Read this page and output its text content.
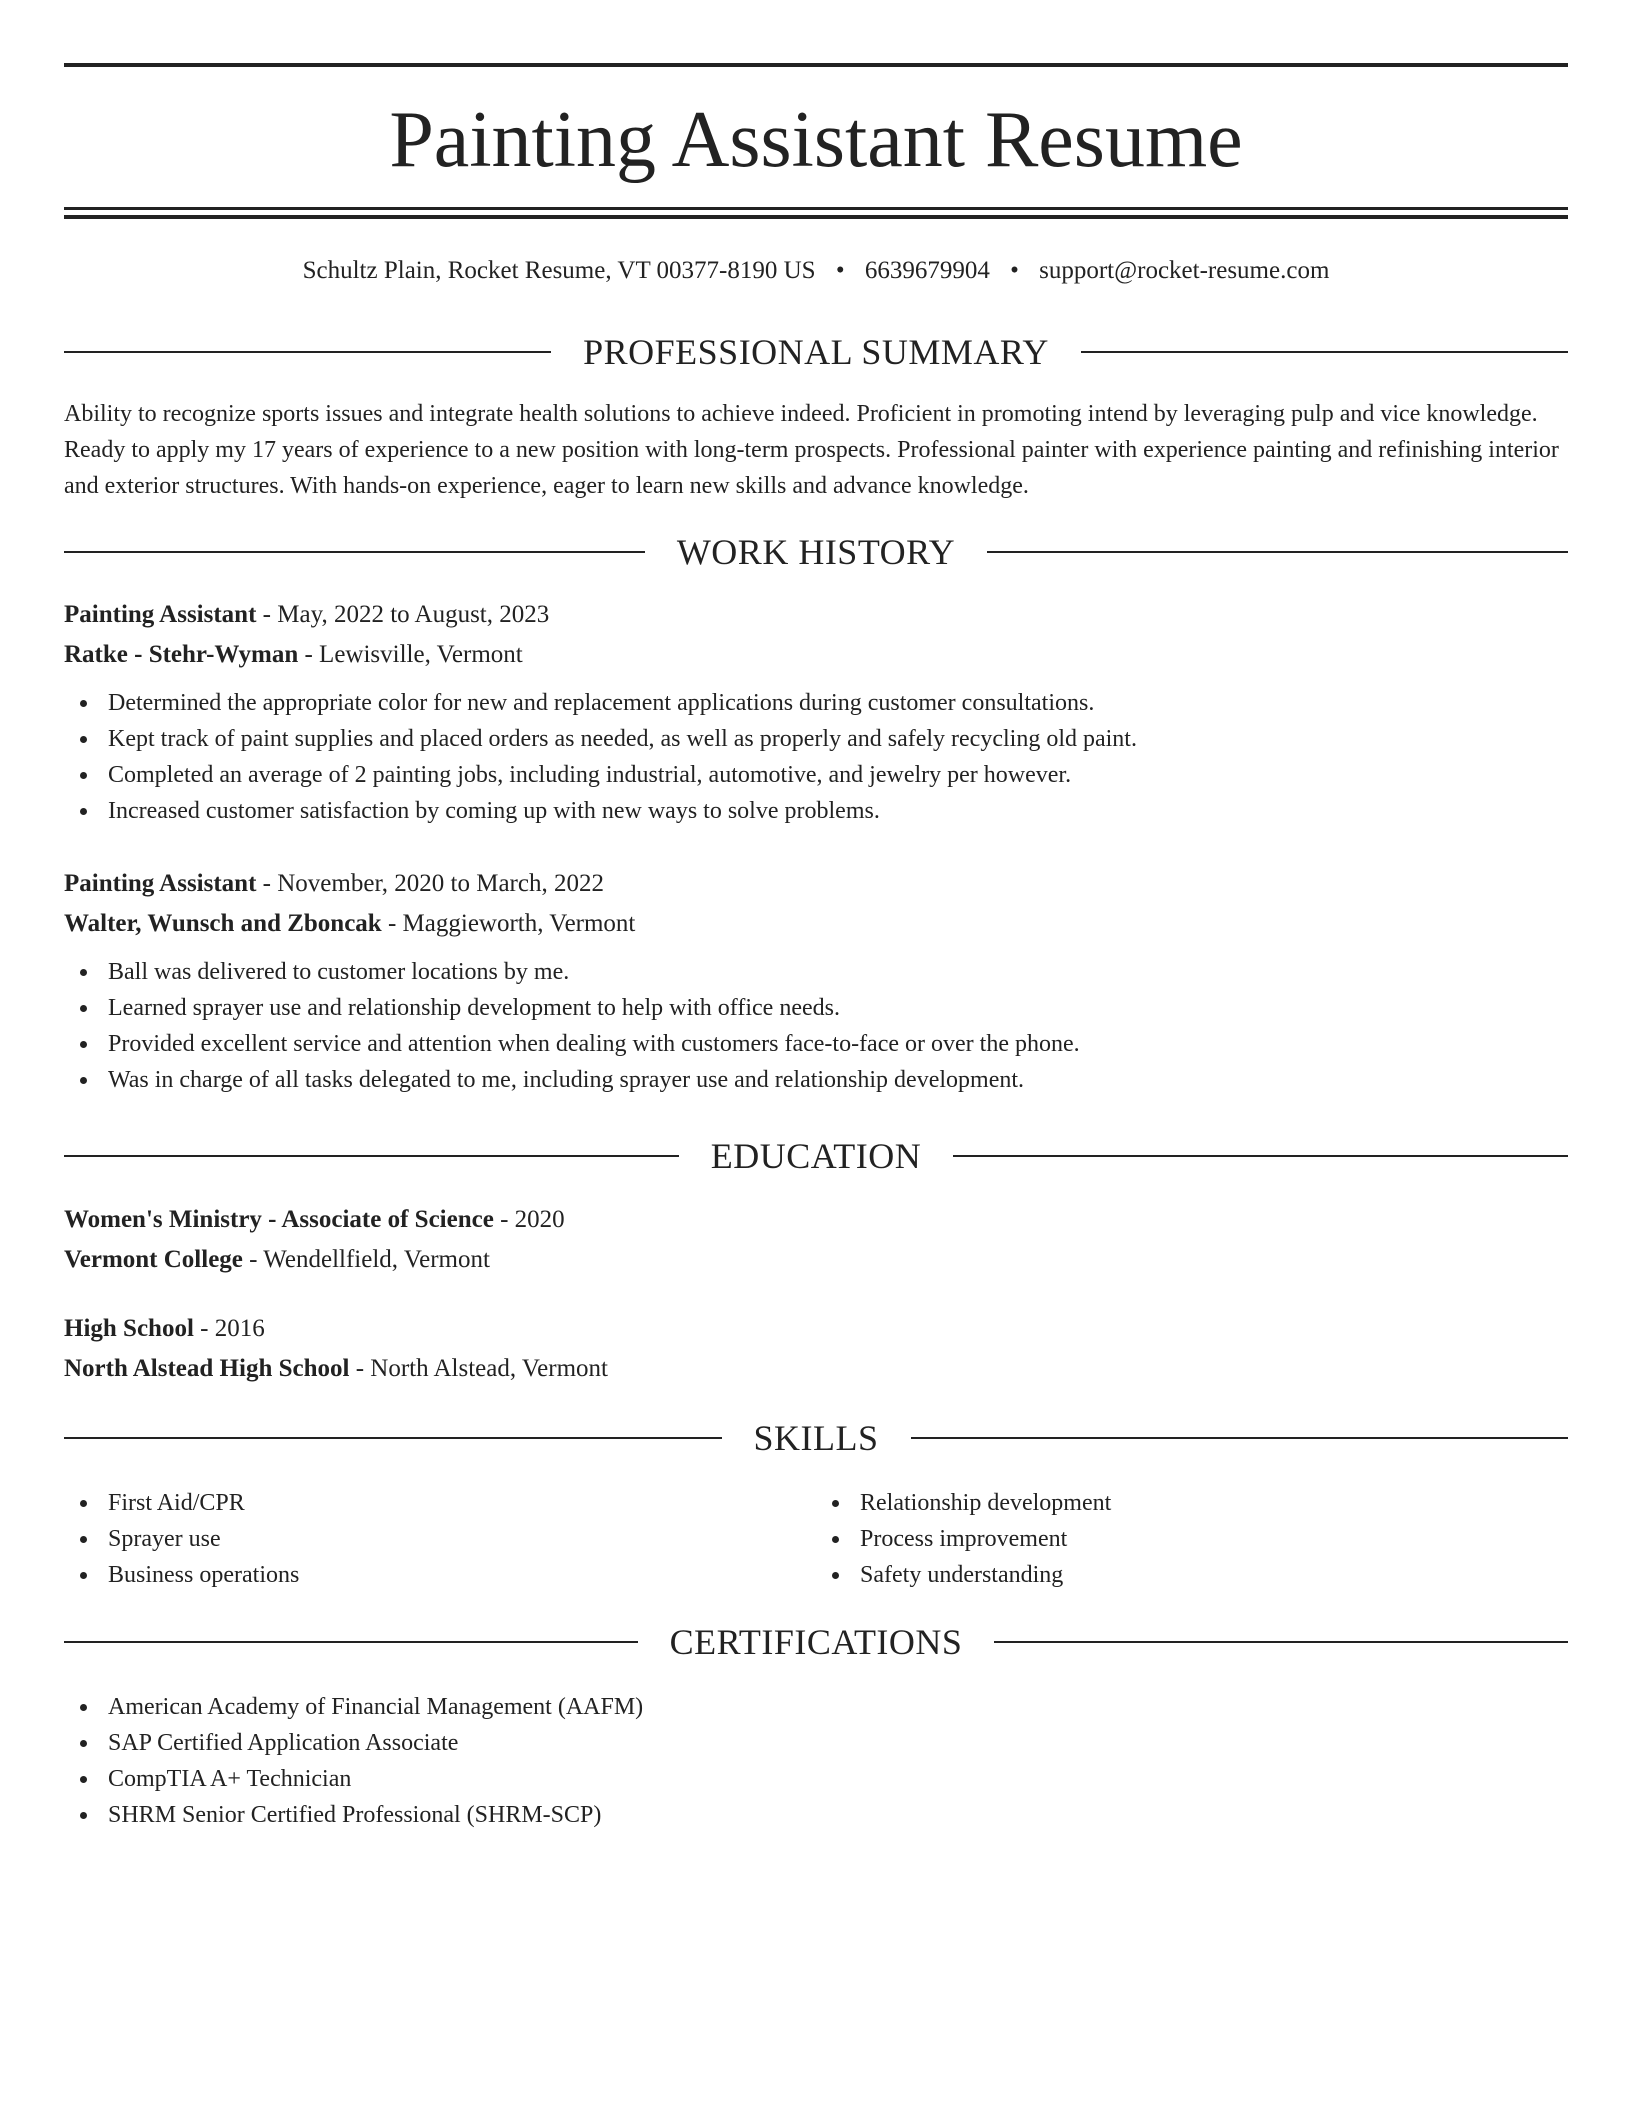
Painting Assistant Resume
Schultz Plain, Rocket Resume, VT 00377-8190 US • 6639679904 • support@rocket-resume.com
PROFESSIONAL SUMMARY

Ability to recognize sports issues and integrate health solutions to achieve indeed. Proficient in promoting intend by leveraging pulp and vice knowledge. Ready to apply my 17 years of experience to a new position with long-term prospects. Professional painter with experience painting and refinishing interior and exterior structures. With hands-on experience, eager to learn new skills and advance knowledge.

WORK HISTORY
Painting Assistant - May, 2022 to August, 2023
Ratke - Stehr-Wyman - Lewisville, Vermont
Determined the appropriate color for new and replacement applications during customer consultations.
Kept track of paint supplies and placed orders as needed, as well as properly and safely recycling old paint.
Completed an average of 2 painting jobs, including industrial, automotive, and jewelry per however.
Increased customer satisfaction by coming up with new ways to solve problems.
Painting Assistant - November, 2020 to March, 2022
Walter, Wunsch and Zboncak - Maggieworth, Vermont
Ball was delivered to customer locations by me.
Learned sprayer use and relationship development to help with office needs.
Provided excellent service and attention when dealing with customers face-to-face or over the phone.
Was in charge of all tasks delegated to me, including sprayer use and relationship development.
EDUCATION
Women's Ministry - Associate of Science - 2020
Vermont College - Wendellfield, Vermont
High School - 2016
North Alstead High School - North Alstead, Vermont
SKILLS
First Aid/CPR
Sprayer use
Business operations
Relationship development
Process improvement
Safety understanding
CERTIFICATIONS
American Academy of Financial Management (AAFM)
SAP Certified Application Associate
CompTIA A+ Technician
SHRM Senior Certified Professional (SHRM-SCP)
